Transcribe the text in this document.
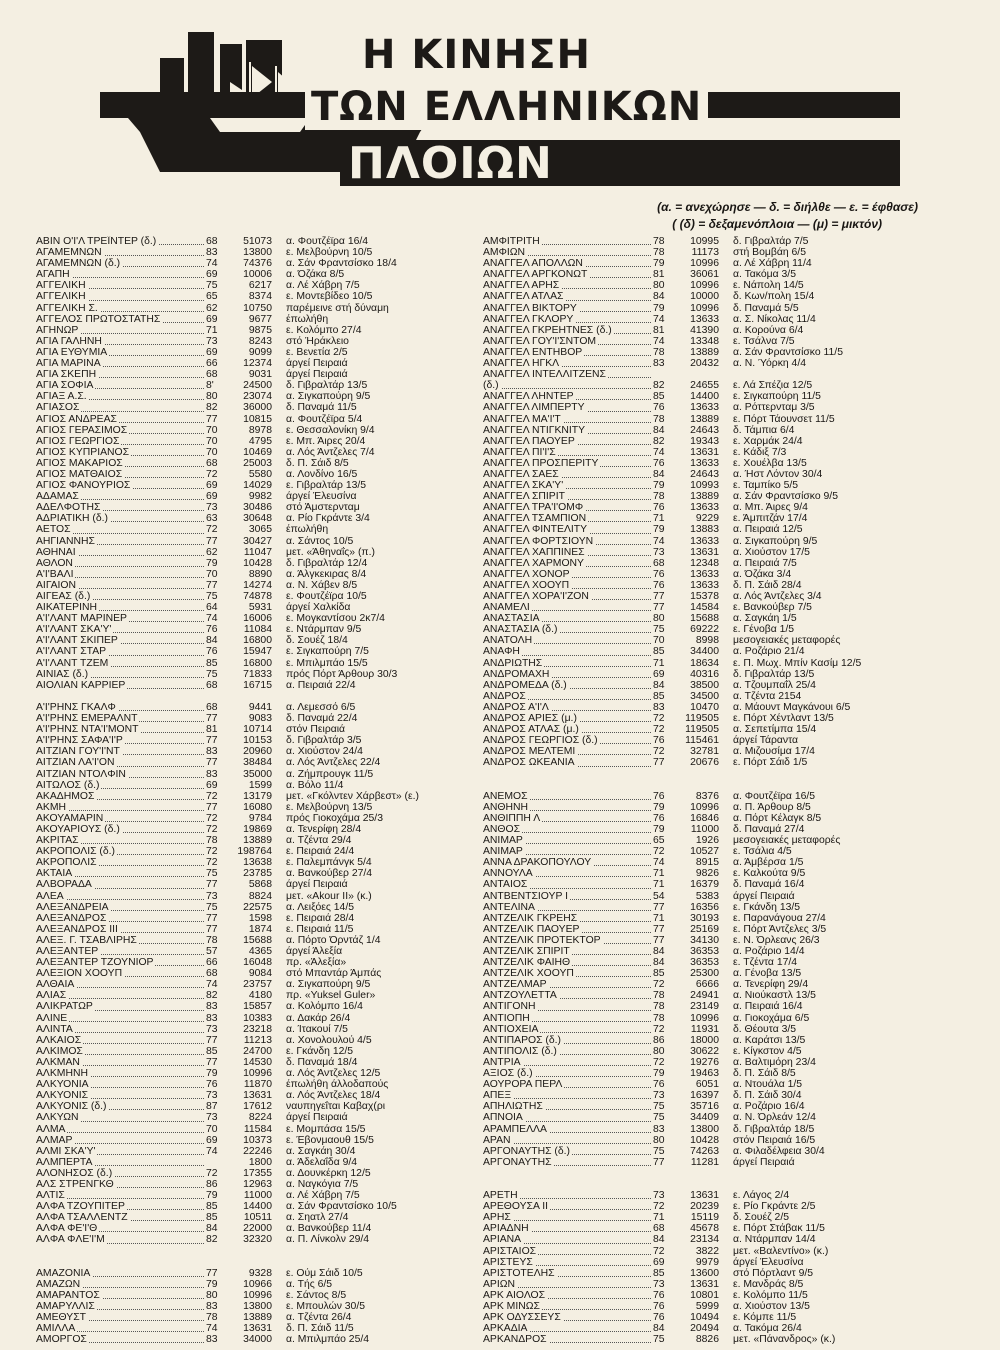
Η ΚΙΝΗΣΗ
ΤΩΝ ΕΛΛΗΝΙΚΩΝ
ΠΛΟΙΩΝ
(α. = ανεχώρησε — δ. = διήλθε — ε. = έφθασε)
( (δ) = δεξαμενόπλοια — (μ) = μικτόν)
ΑΒΙΝ Ο'Ι'Λ ΤΡΕΪΝΤΕΡ (δ.)	68	51073	α. Φουτζέϊρα 16/4
ΑΓΑΜΕΜΝΩΝ	83	13800	ε. Μελβούρνη 10/5
ΑΓΑΜΕΜΝΩΝ (δ.)	74	74376	α. Σάν Φραντσίσκο 18/4
ΑΓΑΠΗ	69	10006	α. Όζάκα 8/5
ΑΓΓΕΛΙΚΗ	75	6217	α. Λέ Χάβρη 7/5
ΑΓΓΕΛΙΚΗ	65	8374	ε. Μοντεβίδεο 10/5
ΑΓΓΕΛΙΚΗ Σ.	62	10750	παρέμεινε στή δύναμη
ΑΓΓΕΛΟΣ ΠΡΩΤΟΣΤΑΤΗΣ	69	9677	έπωλήθη
ΑΓΗΝΩΡ	71	9875	ε. Κολόμπο 27/4
ΑΓΙΑ ΓΑΛΗΝΗ	73	8243	στό Ήράκλειο
ΑΓΙΑ ΕΥΘΥΜΙΑ	69	9099	ε. Βενετία 2/5
ΑΓΙΑ ΜΑΡΙΝΑ	66	12374	άργεί Πειραιά
ΑΓΙΑ ΣΚΕΠΗ	68	9031	άργεί Πειραιά
ΑΓΙΑ ΣΟΦΙΑ	8'	24500	δ. Γιβραλτάρ 13/5
ΑΓΙΑΞ Α.Σ.	80	23074	α. Σιγκαπούρη 9/5
ΑΓΙΑΣΟΣ	82	36000	δ. Παναμά 11/5
ΑΓΙΟΣ ΑΝΔΡΕΑΣ	77	10815	α. Φουτζέϊρα 5/4
ΑΓΙΟΣ ΓΕΡΑΣΙΜΟΣ	70	8978	ε. Θεσσαλονίκη 9/4
ΑΓΙΟΣ ΓΕΩΡΓΙΟΣ	70	4795	ε. Μπ. Άιρες 20/4
ΑΓΙΟΣ ΚΥΠΡΙΑΝΟΣ	70	10469	α. Λός Άντζελες 7/4
ΑΓΙΟΣ ΜΑΚΑΡΙΟΣ	68	25003	δ. Π. Σάιδ 8/5
ΑΓΙΟΣ ΜΑΤΘΑΙΟΣ	72	5580	α. Λονδίνο 16/5
ΑΓΙΟΣ ΦΑΝΟΥΡΙΟΣ	69	14029	ε. Γιβραλτάρ 13/5
ΑΔΑΜΑΣ	69	9982	άργεί Έλευσίνα
ΑΔΕΛΦΟΤΗΣ	73	30486	στό Άμστερνταμ
ΑΔΡΙΑΤΙΚΗ (δ.)	63	30648	α. Ρίο Γκράντε 3/4
ΑΕΤΟΣ	72	3065	έπωλήθη
ΑΗΓΙΑΝΝΗΣ	77	30427	α. Σάντος 10/5
ΑΘΗΝΑΙ	62	11047	μετ. «Άθηναΐς» (π.)
ΑΘΛΟΝ	79	10428	δ. Γιβραλτάρ 12/4
Α'Ι'ΒΑΛΙ	70	8890	α. Άλγκεκιρας 8/4
ΑΙΓΑΙΟΝ	77	14274	α. Ν. Χάβεν 8/5
ΑΙΓΕΑΣ (δ.)	75	74878	ε. Φουτζέϊρα 10/5
ΑΙΚΑΤΕΡΙΝΗ	64	5931	άργεί Χαλκίδα
Α'Ι'ΛΑΝΤ ΜΑΡΙΝΕΡ	74	16006	ε. Μογκαντίσου 2κ7/4
Α'Ι'ΛΑΝΤ ΣΚΑ'Υ'	76	11084	ε. Ντάρμπαν 9/5
Α'Ι'ΛΑΝΤ ΣΚΙΠΕΡ	84	16800	δ. Σουέζ 18/4
Α'Ι'ΛΑΝΤ ΣΤΑΡ	76	15947	ε. Σιγκαπούρη 7/5
Α'Ι'ΛΑΝΤ ΤΖΕΜ	85	16800	ε. Μπιλμπάο 15/5
ΑΙΝΙΑΣ (δ.)	75	71833	πρός Πόρτ Άρθουρ 30/3
ΑΙΟΛΙΑΝ ΚΑΡΡΙΕΡ	68	16715	α. Πειραιά 22/4
Α'Ι'ΡΗΝΣ ΓΚΑΛΦ	68	9441	α. Λεμεσσό 6/5
Α'Ι'ΡΗΝΣ ΕΜΕΡΑΛΝΤ	77	9083	δ. Παναμά 22/4
Α'Ι'ΡΗΝΣ ΝΤΑ'Ι'ΜΟΝΤ	81	10714	στόν Πειραιά
Α'Ι'ΡΗΝΣ ΣΑΦΑ'Ι'Ρ	77	10153	δ. Γιβραλτάρ 3/5
ΑΙΤΖΙΑΝ ΓΟΥ'Ι'ΝΤ	83	20960	α. Χιούστον 24/4
ΑΙΤΖΙΑΝ ΛΑ'Ι'ΟΝ	77	38484	α. Λός Άντζελες 22/4
ΑΙΤΖΙΑΝ ΝΤΟΛΦΙΝ	83	35000	α. Ζήμπρουγκ 11/5
ΑΙΤΩΛΟΣ (δ.)	69	1599	α. Βόλο 11/4
ΑΚΑΔΗΜΟΣ	72	13179	μετ. «Γκόλντεν Χάρβεστ» (ε.)
ΑΚΜΗ	77	16080	ε. Μελβούρνη 13/5
ΑΚΟΥΑΜΑΡΙΝ	72	9784	πρός Γιοκοχάμα 25/3
ΑΚΟΥΑΡΙΟΥΣ (δ.)	72	19869	α. Τενερίφη 28/4
ΑΚΡΙΤΑΣ	78	13889	α. Τζέντα 29/4
ΑΚΡΟΠΟΛΙΣ (δ.)	72	198764	ε. Πειραιά 24/4
ΑΚΡΟΠΟΛΙΣ	72	13638	ε. Παλεμπάνγκ 5/4
ΑΚΤΑΙΑ	75	23785	α. Βανκούβερ 27/4
ΑΛΒΟΡΑΔΑ	77	5868	άργεί Πειραιά
ΑΛΕΑ	73	8824	μετ. «Akour II» (κ.)
ΑΛΕΞΑΝΔΡΕΙΑ	75	22575	α. Λειξόες 14/5
ΑΛΕΞΑΝΔΡΟΣ	77	1598	ε. Πειραιά 28/4
ΑΛΕΞΑΝΔΡΟΣ ΙΙΙ	77	1874	ε. Πειραιά 11/5
ΑΛΕΞ. Γ. ΤΣΑΒΛΙΡΗΣ	78	15688	α. Πόρτο Όρντάζ 1/4
ΑΛΕΞΑΝΤΕΡ	57	4365	άργεί Άλεξία
ΑΛΕΞΑΝΤΕΡ ΤΖΟΥΝΙΟΡ	66	16048	πρ. «Άλεξία»
ΑΛΕΞΙΟΝ ΧΟΟΥΠ	68	9084	στό Μπαντάρ Άμπάς
ΑΛΘΑΙΑ	74	23757	α. Σιγκαπούρη 9/5
ΑΛΙΑΣ	82	4180	πρ. «Yuksel Guler»
ΑΛΙΚΡΑΤΩΡ	83	15857	α. Κολόμπο 16/4
ΑΛΙΝΕ	83	10383	α. Δακάρ 26/4
ΑΛΙΝΤΑ	73	23218	α. Ίτακουί 7/5
ΑΛΚΑΙΟΣ	77	11213	α. Χονολουλού 4/5
ΑΛΚΙΜΟΣ	85	24700	ε. Γκάνδη 12/5
ΑΛΚΜΑΝ	77	14530	δ. Παναμά 18/4
ΑΛΚΜΗΝΗ	79	10996	α. Λός Άντζελες 12/5
ΑΛΚΥΟΝΙΑ	76	11870	έπωλήθη άλλοδαπούς
ΑΛΚΥΟΝΙΣ	73	13631	α. Λός Άντζελες 18/4
ΑΛΚΥΟΝΙΣ (δ.)	87	17612	ναυπηγεΐται Καβαχ(ρι
ΑΛΚΥΩΝ	73	8224	άργεί Πειραιά
ΑΛΜΑ	70	11584	ε. Μομπάσα 15/5
ΑΛΜΑΡ	69	10373	ε. Έβονμαουθ 15/5
ΑΛΜΙ ΣΚΑ'Υ'	74	22246	α. Σαγκάη 30/4
ΑΛΜΠΕΡΤΑ	1800	α. Άδελαΐδα 9/4
ΑΛΟΝΗΣΟΣ (δ.)	72	17355	α. Δουνκέρκη 12/5
ΑΛΣ ΣΤΡΕΝΓΚΘ	86	12963	α. Ναγκόγια 7/5
ΑΛΤΙΣ	79	11000	α. Λέ Χάβρη 7/5
ΑΛΦΑ ΤΖΟΥΠΙΤΕΡ	85	14400	α. Σάν Φραντσίσκο 10/5
ΑΛΦΑ ΤΣΑΛΛΕΝΤΖ	85	10511	α. Σηατλ 27/4
ΑΛΦΑ ΦΕ'Ι'Θ	84	22000	α. Βανκούβερ 11/4
ΑΛΦΑ ΦΛΕ'Ι'Μ	82	32320	α. Π. Λίνκολν 29/4
ΑΜΑΖΟΝΙΑ	77	9328	ε. Ούμ Σάιδ 10/5
ΑΜΑΖΩΝ	79	10966	α. Τής 6/5
ΑΜΑΡΑΝΤΟΣ	80	10996	ε. Σάντος 8/5
ΑΜΑΡΥΛΛΙΣ	83	13800	ε. Μπουλών 30/5
ΑΜΕΘΥΣΤ	78	13889	α. Τζέντα 26/4
ΑΜΙΛΛΑ	74	13631	δ. Π. Σάιδ 11/5
ΑΜΟΡΓΟΣ	83	34000	α. Μπιλμπάο 25/4
ΑΜΦΙΤΡΙΤΗ	78	10995	δ. Γιβραλτάρ 7/5
ΑΜΦΙΩΝ	78	11173	στή Βομβάη 6/5
ΑΝΑΓΓΕΛ ΑΠΟΛΛΩΝ	79	10996	α. Λέ Χάβρη 11/4
ΑΝΑΓΓΕΛ ΑΡΓΚΟΝΩΤ	81	36061	α. Τακόμα 3/5
ΑΝΑΓΓΕΛ ΑΡΗΣ	80	10996	ε. Νάπολη 14/5
ΑΝΑΓΓΕΛ ΑΤΛΑΣ	84	10000	δ. Κων/πολη 15/4
ΑΝΑΓΓΕΛ ΒΙΚΤΟΡΥ	79	10996	δ. Παναμά 5/5
ΑΝΑΓΓΕΛ ΓΚΛΟΡΥ	74	13633	α. Σ. Νίκολας 11/4
ΑΝΑΓΓΕΛ ΓΚΡΕΗΤΝΕΣ (δ.)	81	41390	α. Κορούνα 6/4
ΑΝΑΓΓΕΛ ΓΟΥ'Ι'ΣΝΤΟΜ	74	13348	ε. Τσάλνα 7/5
ΑΝΑΓΓΕΛ ΕΝΤΗΒΟΡ	78	13889	α. Σάν Φραντσίσκο 11/5
ΑΝΑΓΓΕΛ ΗΓΚΛ	83	20432	α. Ν. Ύόρκη 4/4
ΑΝΑΓΓΕΛ ΙΝΤΕΛΛΙΤΖΕΝΣ
(δ.)	82	24655	ε. Λά Σπέζια 12/5
ΑΝΑΓΓΕΛ ΛΗΝΤΕΡ	85	14400	ε. Σιγκαπούρη 11/5
ΑΝΑΓΓΕΛ ΛΙΜΠΕΡΤΥ	76	13633	α. Ρόττερνταμ 3/5
ΑΝΑΓΓΕΛ ΜΑ'Ι'Τ	78	13889	ε. Πόρτ Τάουνσετ 11/5
ΑΝΑΓΓΕΛ ΝΤΙΓΚΝΙΤΥ	84	24643	δ. Τάμπια 6/4
ΑΝΑΓΓΕΛ ΠΑΟΥΕΡ	82	19343	ε. Χαρμάκ 24/4
ΑΝΑΓΓΕΛ ΠΙ'Ι'Σ	74	13631	ε. Κάδιξ 7/3
ΑΝΑΓΓΕΛ ΠΡΟΣΠΕΡΙΤΥ	76	13633	ε. Χουέλβα 13/5
ΑΝΑΓΓΕΛ ΣΑΕΣ	84	24643	α. Ήστ Λόντον 30/4
ΑΝΑΓΓΕΛ ΣΚΑ'Υ'	79	10993	ε. Ταμπίκο 5/5
ΑΝΑΓΓΕΛ ΣΠΙΡΙΤ	78	13889	α. Σάν Φραντσίσκο 9/5
ΑΝΑΓΓΕΛ ΤΡΑ'Ι'ΟΜΦ	76	13633	α. Μπ. Άιρες 9/4
ΑΝΑΓΓΕΛ ΤΣΑΜΠΙΟΝ	71	9229	ε. Άμπιτζάν 17/4
ΑΝΑΓΓΕΛ ΦΙΝΤΕΛΙΤΥ	79	13883	α. Πειραιά 12/5
ΑΝΑΓΓΕΛ ΦΟΡΤΣΙΟΥΝ	74	13633	α. Σιγκαπούρη 9/5
ΑΝΑΓΓΕΛ ΧΑΠΠΙΝΕΣ	73	13631	α. Χιούστον 17/5
ΑΝΑΓΓΕΛ ΧΑΡΜΟΝΥ	68	12348	α. Πειραιά 7/5
ΑΝΑΓΓΕΛ ΧΟΝΟΡ	76	13633	α. Όζάκα 3/4
ΑΝΑΓΓΕΛ ΧΟΟΥΠ	76	13633	δ. Π. Σάιδ 28/4
ΑΝΑΓΓΕΛ ΧΟΡΑ'Ι'ΖΟΝ	77	15378	α. Λός Άντζελες 3/4
ΑΝΑΜΕΛΙ	77	14584	ε. Βανκούβερ 7/5
ΑΝΑΣΤΑΣΙΑ	80	15688	α. Σαγκάη 1/5
ΑΝΑΣΤΑΣΙΑ (δ.)	75	69222	ε. Γένοβα 1/5
ΑΝΑΤΟΛΗ	70	8998	μεσογειακές μεταφορές
ΑΝΑΦΗ	85	34400	α. Ροζάριο 21/4
ΑΝΔΡΙΩΤΗΣ	71	18634	ε. Π. Μωχ. Μπίν Κασίμ 12/5
ΑΝΔΡΟΜΑΧΗ	69	40316	δ. Γιβραλτάρ 13/5
ΑΝΔΡΟΜΕΔΑ (δ.)	84	38500	α. Τζουμπαΐλ 25/4
ΑΝΔΡΟΣ	85	34500	α. Τζέντα 2154
ΑΝΔΡΟΣ Α'Ι'Λ	83	10470	α. Μάουντ Μαγκάνουι 6/5
ΑΝΔΡΟΣ ΑΡΙΕΣ (μ.)	72	119505	ε. Πόρτ Χέντλαντ 13/5
ΑΝΔΡΟΣ ΑΤΛΑΣ (μ.)	72	119505	α. Σεπετίμπα 15/4
ΑΝΔΡΟΣ ΓΕΩΡΓΙΟΣ (δ.)	76	115461	άργεί Τάραντα
ΑΝΔΡΟΣ ΜΕΛΤΕΜΙ	72	32781	α. Μιζουσίμα 17/4
ΑΝΔΡΟΣ ΩΚΕΑΝΙΑ	77	20676	ε. Πόρτ Σάιδ 1/5
ΑΝΕΜΟΣ	76	8376	α. Φουτζέϊρα 16/5
ΑΝΘΗΝΗ	79	10996	α. Π. Άρθουρ 8/5
ΑΝΘΙΠΠΗ Λ	76	16846	α. Πόρτ Κέλαγκ 8/5
ΑΝΘΟΣ	79	11000	δ. Παναμά 27/4
ΑΝΙΜΑΡ	65	1926	μεσογειακές μεταφορές
ΑΝΙΜΑΡ	72	10527	ε. Τσάλια 4/5
ΑΝΝΑ ΔΡΑΚΟΠΟΥΛΟΥ	74	8915	α. Άμβέρσα 1/5
ΑΝΝΟΥΛΑ	71	9826	ε. Καλκούτα 9/5
ΑΝΤΑΙΟΣ	71	16379	δ. Παναμά 16/4
ΑΝΤΒΕΝΤΣΙΟΥΡ Ι	54	5383	άργεί Πειραιά
ΑΝΤΕΛΙΝΑ	77	16356	ε. Γκάνδη 13/5
ΑΝΤΖΕΛΙΚ ΓΚΡΕΗΣ	71	30193	ε. Παρανάγουα 27/4
ΑΝΤΖΕΛΙΚ ΠΑΟΥΕΡ	77	25169	ε. Πόρτ Άντζελες 3/5
ΑΝΤΖΕΛΙΚ ΠΡΟΤΕΚΤΟΡ	77	34130	ε. Ν. Όρλεανς 26/3
ΑΝΤΖΕΛΙΚ ΣΠΙΡΙΤ	84	36353	α. Ροζάριο 14/4
ΑΝΤΖΕΛΙΚ ΦΑΙΗΘ	84	36353	ε. Τζέντα 17/4
ΑΝΤΖΕΛΙΚ ΧΟΟΥΠ	85	25300	α. Γένοβα 13/5
ΑΝΤΖΕΛΜΑΡ	72	6666	α. Τενερίφη 29/4
ΑΝΤΖΟΥΛΕΤΤΑ	78	24941	α. Νιούκαστλ 13/5
ΑΝΤΙΓΟΝΗ	78	23149	α. Πειραιά 16/4
ΑΝΤΙΟΠΗ	78	10996	α. Γιοκοχάμα 6/5
ΑΝΤΙΟΧΕΙΑ	72	11931	δ. Θέουτα 3/5
ΑΝΤΙΠΑΡΟΣ (δ.)	86	18000	α. Καράτσι 13/5
ΑΝΤΙΠΟΛΙΣ (δ.)	80	30622	ε. Κίγκστον 4/5
ΑΝΤΡΙΑ	72	19276	α. Βαλτιμόρη 23/4
ΑΞΙΟΣ (δ.)	79	19463	δ. Π. Σάιδ 8/5
ΑΟΥΡΟΡΑ ΠΕΡΛ	76	6051	α. Ντουάλα 1/5
ΑΠΕΞ	73	16397	δ. Π. Σάιδ 30/4
ΑΠΗΛΙΩΤΗΣ	75	35716	α. Ροζάριο 16/4
ΑΠΝΟΙΑ	75	34409	α. Ν. Όρλεάν 12/4
ΑΡΑΜΠΕΛΛΑ	83	13800	δ. Γιβραλτάρ 18/5
ΑΡΑΝ	80	10428	στόν Πειραιά 16/5
ΑΡΓΟΝΑΥΤΗΣ (δ.)	75	74263	α. Φιλαδέλφεια 30/4
ΑΡΓΟΝΑΥΤΗΣ	77	11281	άργεί Πειραιά
ΑΡΕΤΗ	73	13631	ε. Λάγος 2/4
ΑΡΕΘΟΥΣΑ ΙΙ	72	20239	ε. Ρίο Γκράντε 2/5
ΑΡΗΣ	71	15119	δ. Σουέζ 2/5
ΑΡΙΑΔΝΗ	68	45678	ε. Πόρτ Στάβακ 11/5
ΑΡΙΑΝΑ	84	23134	α. Ντάρμπαν 14/4
ΑΡΙΣΤΑΙΟΣ	72	3822	μετ. «Βαλεντίνο» (κ.)
ΑΡΙΣΤΕΥΣ	69	9979	άργεί Έλευσίνα
ΑΡΙΣΤΟΤΕΛΗΣ	85	13600	στό Πόρτλαντ 9/5
ΑΡΙΩΝ	73	13631	ε. Μανδράς 8/5
ΑΡΚ ΑΙΟΛΟΣ	76	10801	ε. Κολόμπο 11/5
ΑΡΚ ΜΙΝΩΣ	76	5999	α. Χιούστον 13/5
ΑΡΚ ΟΔΥΣΣΕΥΣ	76	10494	ε. Κόμπε 11/5
ΑΡΚΑΔΙΑ	84	20494	α. Τακόμα 26/4
ΑΡΚΑΝΔΡΟΣ	75	8826	μετ. «Πάνανδρος» (κ.)
